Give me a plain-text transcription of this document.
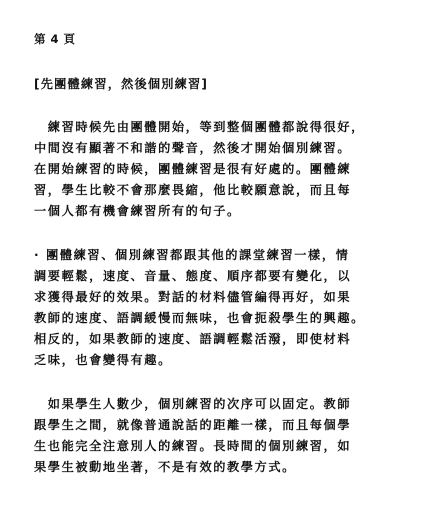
第 4 頁

[先團體練習，然後個別練習]

　練習時候先由團體開始，等到整個團體都說得很好，

中間沒有顯著不和諧的聲音，然後才開始個別練習。

在開始練習的時候，團體練習是很有好處的。團體練

習，學生比較不會那麼畏縮，他比較願意說，而且每

一個人都有機會練習所有的句子。

· 團體練習、個別練習都跟其他的課堂練習一樣，情

調要輕鬆，速度、音量、態度、順序都要有變化，以

求獲得最好的效果。對話的材料儘管編得再好，如果

教師的速度、語調緩慢而無味，也會扼殺學生的興趣。

相反的，如果教師的速度、語調輕鬆活潑，即使材料

乏味，也會變得有趣。

　如果學生人數少，個別練習的次序可以固定。教師

跟學生之間，就像普通說話的距離一樣，而且每個學

生也能完全注意別人的練習。長時間的個別練習，如

果學生被動地坐著，不是有效的教學方式。
